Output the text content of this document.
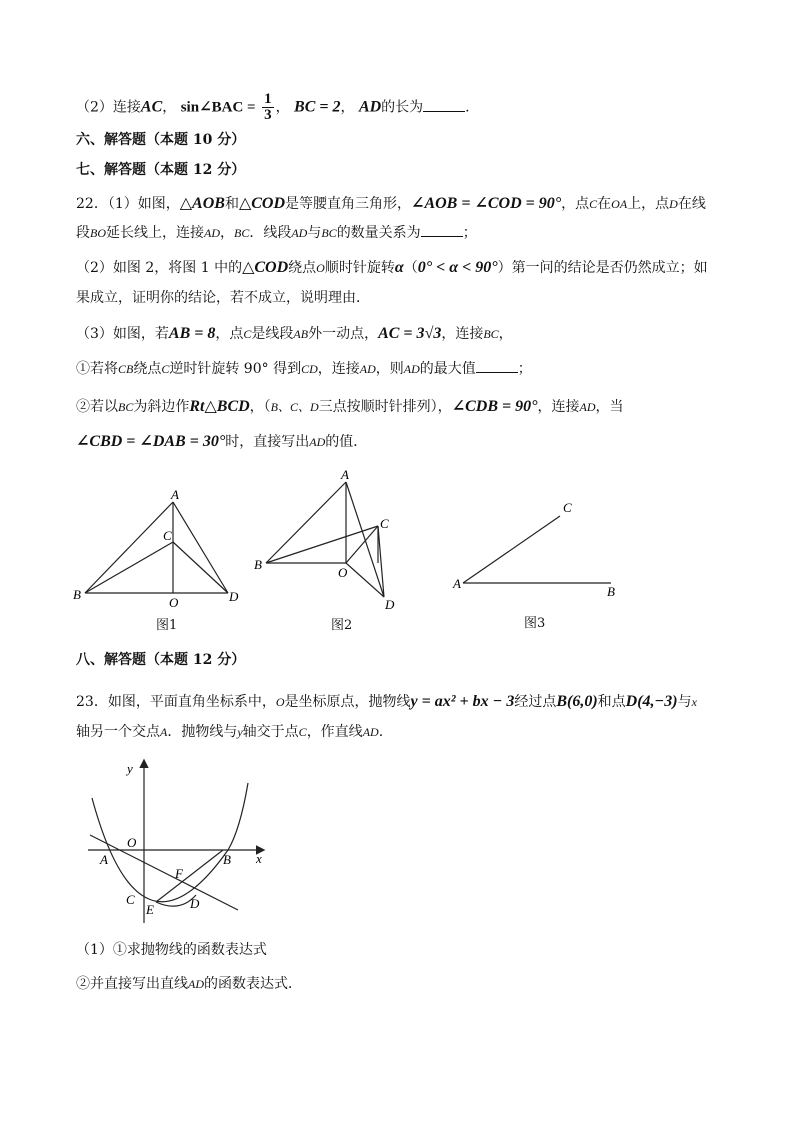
（2）连接AC， sin∠BAC = $\frac{1}{3}$ ， BC = 2， AD的长为	.
六、解答题（本题 10 分）
七、解答题（本题 12 分）
22．（1）如图，△AOB和△COD是等腰直角三角形，∠AOB = ∠COD = 90°，点C在OA上，点D在线
段BO延长线上，连接AD，BC．线段AD与BC的数量关系为	；
（2）如图 2，将图 1 中的△COD绕点O顺时针旋转α（0° < α < 90°）第一问的结论是否仍然成立；如
果成立，证明你的结论，若不成立，说明理由．
（3）如图，若AB = 8，点C是线段AB外一动点，AC = 3√3，连接BC，
①若将CB绕点C逆时针旋转 90° 得到CD，连接AD，则AD的最大值	；
②若以BC为斜边作Rt△BCD，（B、C、D三点按顺时针排列），∠CDB = 90°，连接AD，当
∠CBD = ∠DAB = 30°时，直接写出AD的值．
A
C
B
O	D
A
C
B
O
D
C
A
B
图1	图2	图3
八、解答题（本题 12 分）
23．如图，平面直角坐标系中，O是坐标原点，抛物线y = ax² + bx − 3经过点B(6,0)和点D(4,−3)与x
轴另一个交点A．抛物线与y轴交于点C，作直线AD.
y
x
O
A	B
F
C
E	D
（1）①求抛物线的函数表达式
②并直接写出直线AD的函数表达式．
